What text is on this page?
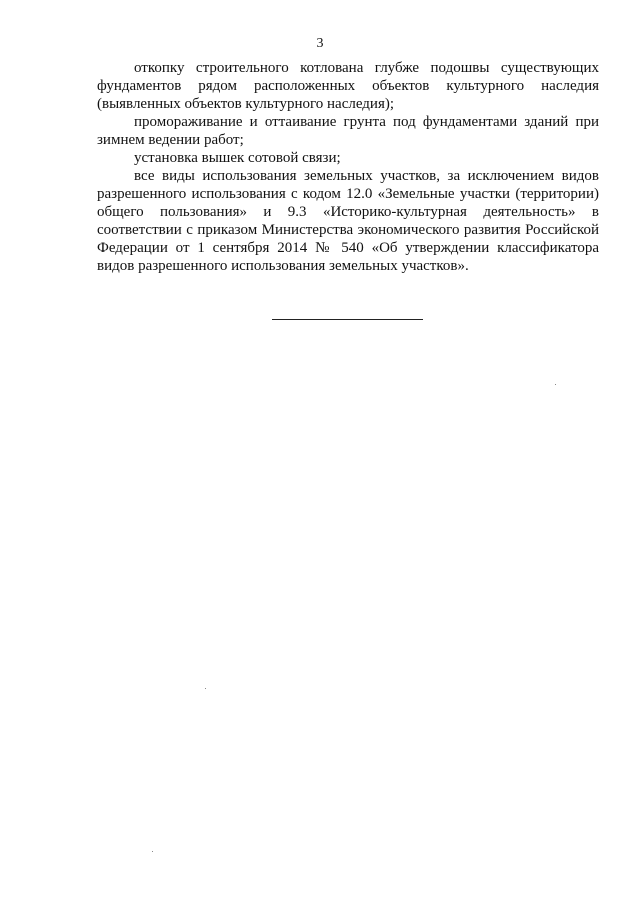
3

откопку строительного котлована глубже подошвы существующих фундаментов рядом расположенных объектов культурного наследия (выявленных объектов культурного наследия);

промораживание и оттаивание грунта под фундаментами зданий при зимнем ведении работ;

установка вышек сотовой связи;

все виды использования земельных участков, за исключением видов разрешенного использования с кодом 12.0 «Земельные участки (территории) общего пользования» и 9.3 «Историко-культурная деятельность» в соответствии с приказом Министерства экономического развития Российской Федерации от 1 сентября 2014 № 540 «Об утверждении классификатора видов разрешенного использования земельных участков».
